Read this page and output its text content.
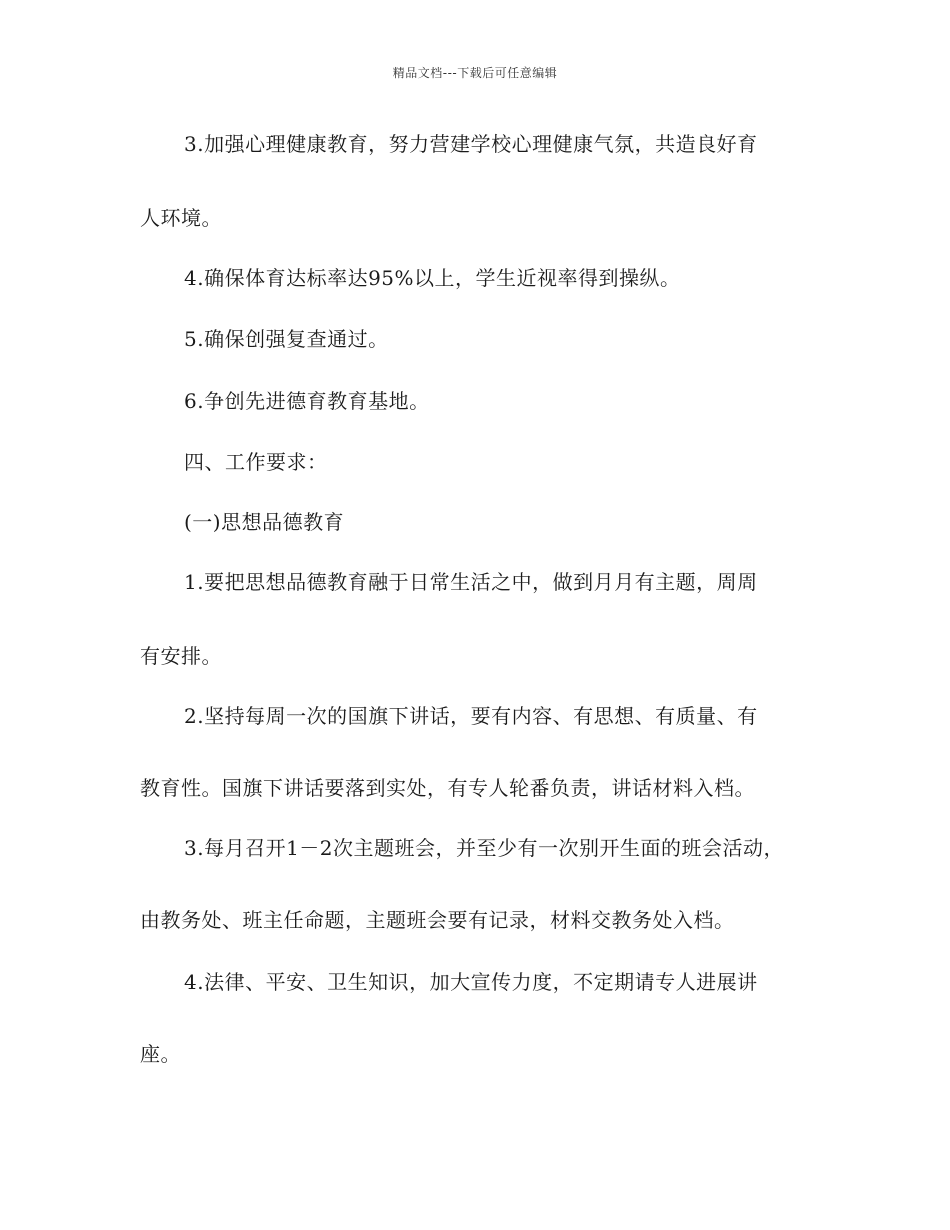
精品文档---下载后可任意编辑
3.加强心理健康教育，努力营建学校心理健康气氛，共造良好育
人环境。
4.确保体育达标率达95%以上，学生近视率得到操纵。
5.确保创强复查通过。
6.争创先进德育教育基地。
四、工作要求：
(一)思想品德教育
1.要把思想品德教育融于日常生活之中，做到月月有主题，周周
有安排。
2.坚持每周一次的国旗下讲话，要有内容、有思想、有质量、有
教育性。国旗下讲话要落到实处，有专人轮番负责，讲话材料入档。
3.每月召开1－2次主题班会，并至少有一次别开生面的班会活动，
由教务处、班主任命题，主题班会要有记录，材料交教务处入档。
4.法律、平安、卫生知识，加大宣传力度，不定期请专人进展讲
座。
